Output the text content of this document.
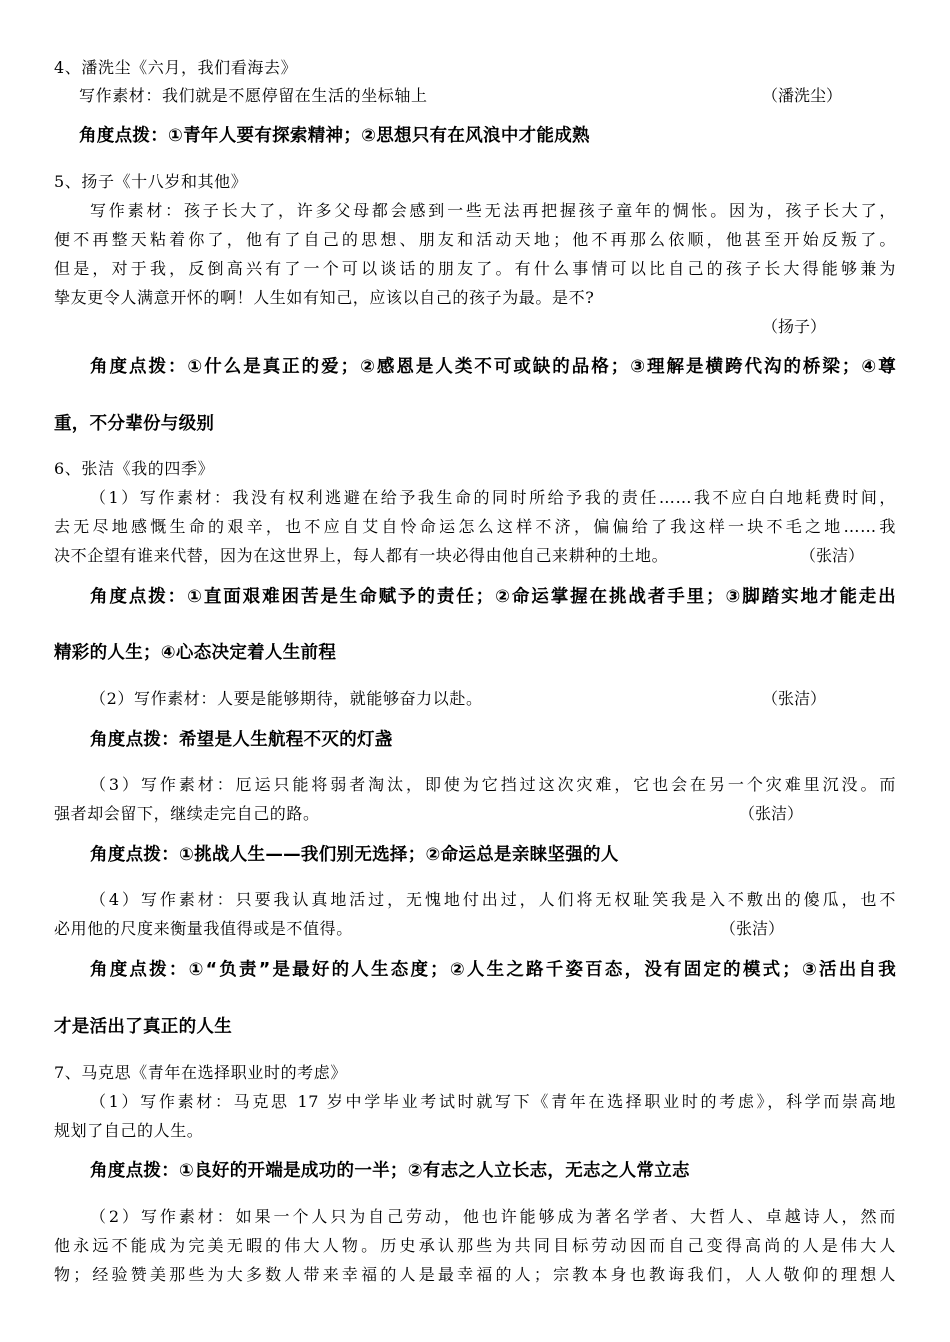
4、潘洗尘《六月，我们看海去》
写作素材：我们就是不愿停留在生活的坐标轴上	（潘洗尘）
角度点拨：①青年人要有探索精神；②思想只有在风浪中才能成熟
5、扬子《十八岁和其他》
写作素材：孩子长大了，许多父母都会感到一些无法再把握孩子童年的惆怅。因为，孩子长大了，
便不再整天粘着你了，他有了自己的思想、朋友和活动天地；他不再那么依顺，他甚至开始反叛了。
但是，对于我，反倒高兴有了一个可以谈话的朋友了。有什么事情可以比自己的孩子长大得能够兼为
挚友更令人满意开怀的啊！人生如有知己，应该以自己的孩子为最。是不?
（扬子）
角度点拨：①什么是真正的爱；②感恩是人类不可或缺的品格；③理解是横跨代沟的桥梁；④尊
重，不分辈份与级别
6、张洁《我的四季》
（1）写作素材：我没有权利逃避在给予我生命的同时所给予我的责任……我不应白白地耗费时间，
去无尽地感慨生命的艰辛，也不应自艾自怜命运怎么这样不济，偏偏给了我这样一块不毛之地……我
决不企望有谁来代替，因为在这世界上，每人都有一块必得由他自己来耕种的土地。	（张洁）
角度点拨：①直面艰难困苦是生命赋予的责任；②命运掌握在挑战者手里；③脚踏实地才能走出
精彩的人生；④心态决定着人生前程
（2）写作素材：人要是能够期待，就能够奋力以赴。	（张洁）
角度点拨：希望是人生航程不灭的灯盏
（3）写作素材：厄运只能将弱者淘汰，即使为它挡过这次灾难，它也会在另一个灾难里沉没。而
强者却会留下，继续走完自己的路。	（张洁）
角度点拨：①挑战人生——我们别无选择；②命运总是亲睐坚强的人
（4）写作素材：只要我认真地活过，无愧地付出过，人们将无权耻笑我是入不敷出的傻瓜，也不
必用他的尺度来衡量我值得或是不值得。	（张洁）
角度点拨：①“负责”是最好的人生态度；②人生之路千姿百态，没有固定的模式；③活出自我
才是活出了真正的人生
7、马克思《青年在选择职业时的考虑》
（1）写作素材：马克思 17 岁中学毕业考试时就写下《青年在选择职业时的考虑》，科学而崇高地
规划了自己的人生。
角度点拨：①良好的开端是成功的一半；②有志之人立长志，无志之人常立志
（2）写作素材：如果一个人只为自己劳动，他也许能够成为著名学者、大哲人、卓越诗人，然而
他永远不能成为完美无暇的伟大人物。历史承认那些为共同目标劳动因而自己变得高尚的人是伟大人
物；经验赞美那些为大多数人带来幸福的人是最幸福的人；宗教本身也教诲我们，人人敬仰的理想人
